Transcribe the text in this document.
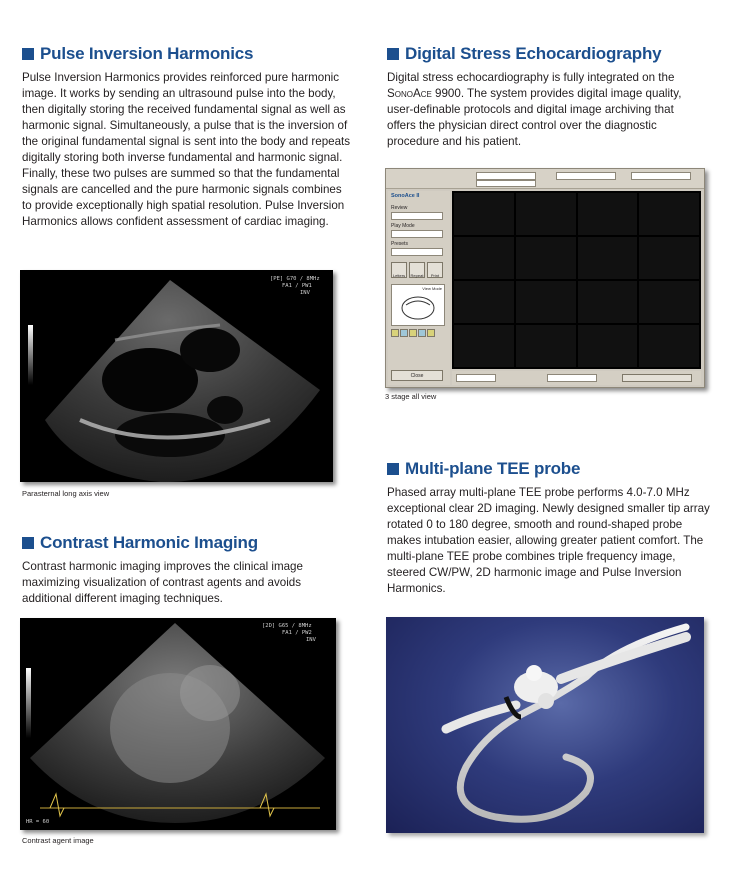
Pulse Inversion Harmonics

Pulse Inversion Harmonics provides reinforced pure harmonic image. It works by sending an ultrasound pulse into the body, then digitally storing the received fundamental signal as well as harmonic signal. Simultaneously, a pulse that is the inversion of the original fundamental signal is sent into the body and repeats digitally storing both inverse fundamental and harmonic signal. Finally, these two pulses are summed so that the fundamental signals are cancelled and the pure harmonic signals combines to provide exceptionally high spatial resolution. Pulse Inversion Harmonics allows confident assessment of cardiac imaging.

[PE] G70 / 8MHz
FA1 / PW1
INV
Parasternal long axis view
Contrast Harmonic Imaging

Contrast harmonic imaging improves the clinical image maximizing visualization of contrast agents and avoids additional different imaging techniques.

[2D] G65 / 8MHz
FA1 / PW2
INV
HR = 60
Contrast agent image
Digital Stress Echocardiography

Digital stress echocardiography is fully integrated on the SonoAce 9900. The system provides digital image quality, user-definable protocols and digital image archiving that offers the physician direct control over the diagnostic procedure and his patient.

SonoAce II
Review
Play Mode
Presets
Letters	Repeat	Print
View Mode
Close
3 stage all view
Multi-plane TEE probe

Phased array multi-plane TEE probe performs 4.0-7.0 MHz exceptional clear 2D imaging. Newly designed smaller tip array rotated 0 to 180 degree, smooth and round-shaped probe makes intubation easier, allowing greater patient comfort. The multi-plane TEE probe combines triple frequency image, steered CW/PW, 2D harmonic image and Pulse Inversion Harmonics.
